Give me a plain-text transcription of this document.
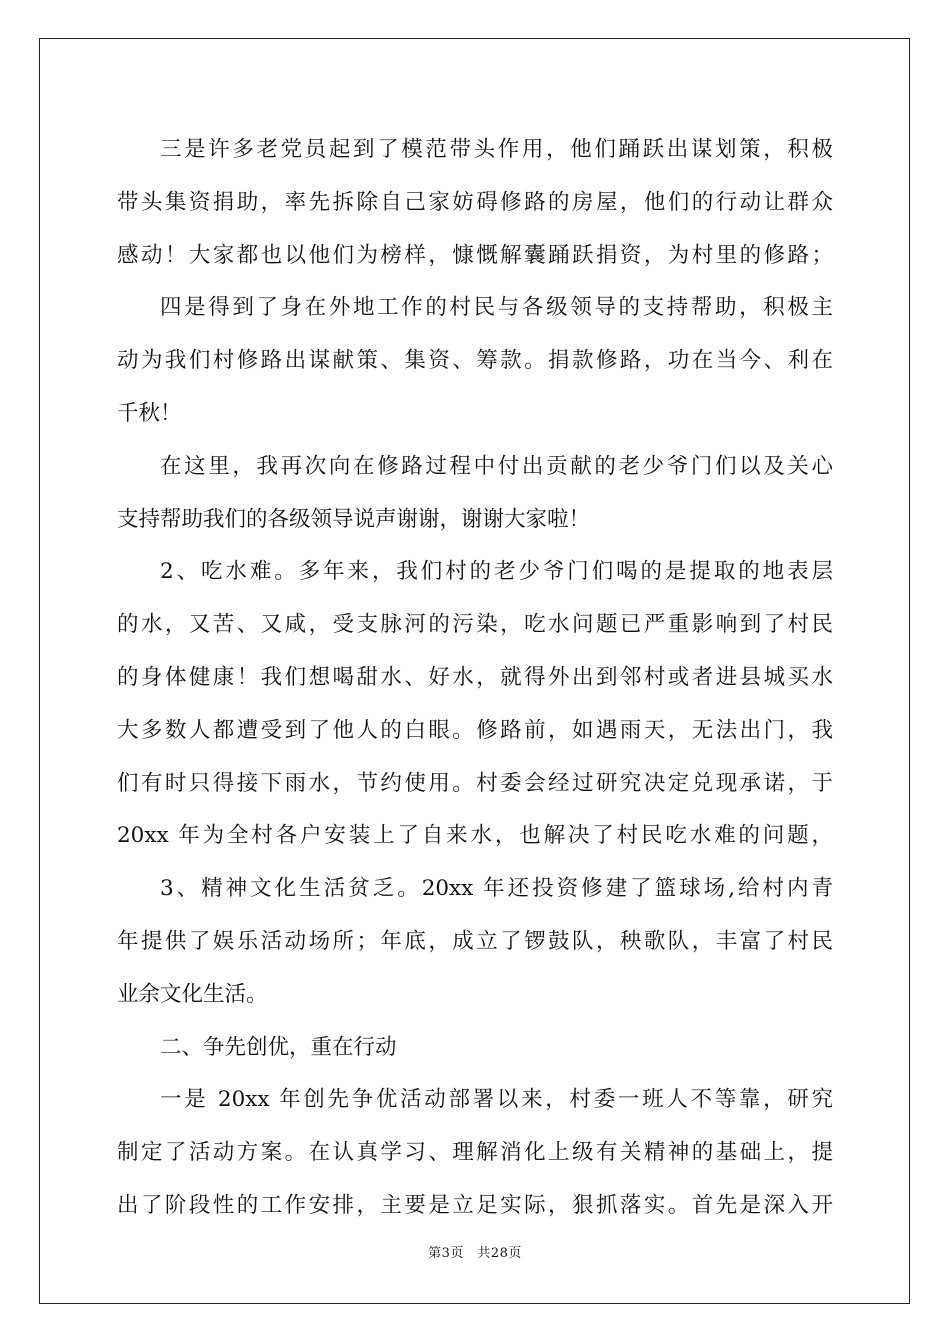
三是许多老党员起到了模范带头作用，他们踊跃出谋划策，积极
带头集资捐助，率先拆除自己家妨碍修路的房屋，他们的行动让群众
感动！大家都也以他们为榜样，慷慨解囊踊跃捐资，为村里的修路；
四是得到了身在外地工作的村民与各级领导的支持帮助，积极主
动为我们村修路出谋献策、集资、筹款。捐款修路，功在当今、利在
千秋！
在这里，我再次向在修路过程中付出贡献的老少爷门们以及关心
支持帮助我们的各级领导说声谢谢，谢谢大家啦！
2、吃水难。多年来，我们村的老少爷门们喝的是提取的地表层
的水，又苦、又咸，受支脉河的污染，吃水问题已严重影响到了村民
的身体健康！我们想喝甜水、好水，就得外出到邻村或者进县城买水
大多数人都遭受到了他人的白眼。修路前，如遇雨天，无法出门，我
们有时只得接下雨水，节约使用。村委会经过研究决定兑现承诺，于
20xx 年为全村各户安装上了自来水，也解决了村民吃水难的问题，
3、精神文化生活贫乏。20xx 年还投资修建了篮球场,给村内青
年提供了娱乐活动场所；年底，成立了锣鼓队，秧歌队，丰富了村民
业余文化生活。
二、争先创优，重在行动
一是 20xx 年创先争优活动部署以来，村委一班人不等靠，研究
制定了活动方案。在认真学习、理解消化上级有关精神的基础上，提
出了阶段性的工作安排，主要是立足实际，狠抓落实。首先是深入开
第3页　共28页
